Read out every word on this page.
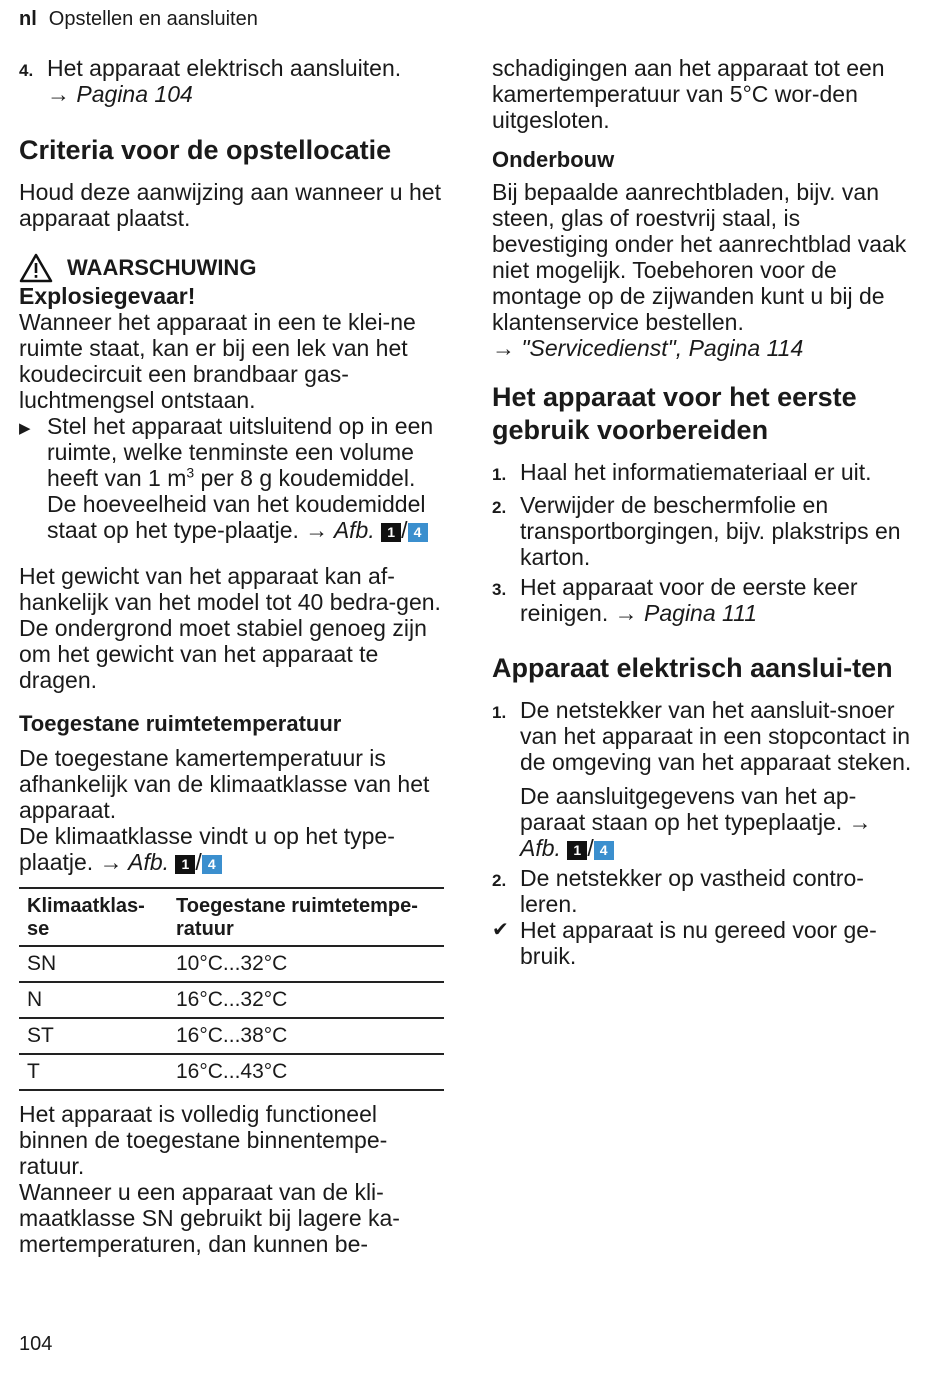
nl Opstellen en aansluiten
4. Het apparaat elektrisch aansluiten.
→ Pagina 104
Criteria voor de opstellocatie

Houd deze aanwijzing aan wanneer u het apparaat plaatst.

WAARSCHUWING
Explosiegevaar!

Wanneer het apparaat in een te klei-ne ruimte staat, kan er bij een lek van het koudecircuit een brandbaar gas-luchtmengsel ontstaan.

▶ Stel het apparaat uitsluitend op in een ruimte, welke tenminste een volume heeft van 1 $m^3$ per 8 g koudemiddel. De hoeveelheid van het koudemiddel staat op het type-plaatje. → Afb. 1 / 4

Het gewicht van het apparaat kan af-hankelijk van het model tot 40 bedra-gen.

De ondergrond moet stabiel genoeg zijn om het gewicht van het apparaat te dragen.

Toegestane ruimtetemperatuur

De toegestane kamertemperatuur is afhankelijk van de klimaatklasse van het apparaat.

De klimaatklasse vindt u op het type-plaatje. → Afb. 1 / 4

Klimaatklas-se	Toegestane ruimtetempe-ratuur
SN	10°C...32°C
N	16°C...32°C
ST	16°C...38°C
T	16°C...43°C

Het apparaat is volledig functioneel binnen de toegestane binnentempe-ratuur.

Wanneer u een apparaat van de kli-maatklasse SN gebruikt bij lagere ka-mertemperaturen, dan kunnen be-

schadigingen aan het apparaat tot een kamertemperatuur van 5°C wor-den uitgesloten.

Onderbouw

Bij bepaalde aanrechtbladen, bijv. van steen, glas of roestvrij staal, is bevestiging onder het aanrechtblad vaak niet mogelijk. Toebehoren voor de montage op de zijwanden kunt u bij de klantenservice bestellen.

→ "Servicedienst", Pagina 114

Het apparaat voor het eerste gebruik voorbereiden
1. Haal het informatiemateriaal er uit.
2. Verwijder de beschermfolie en transportborgingen, bijv. plakstrips en karton.
3. Het apparaat voor de eerste keer reinigen. → Pagina 111
Apparaat elektrisch aanslui-ten
1. De netstekker van het aansluit-snoer van het apparaat in een stopcontact in de omgeving van het apparaat steken.
De aansluitgegevens van het ap-paraat staan op het typeplaatje. → Afb. 1 / 4
2. De netstekker op vastheid contro-leren.
✔ Het apparaat is nu gereed voor ge-bruik.
104
